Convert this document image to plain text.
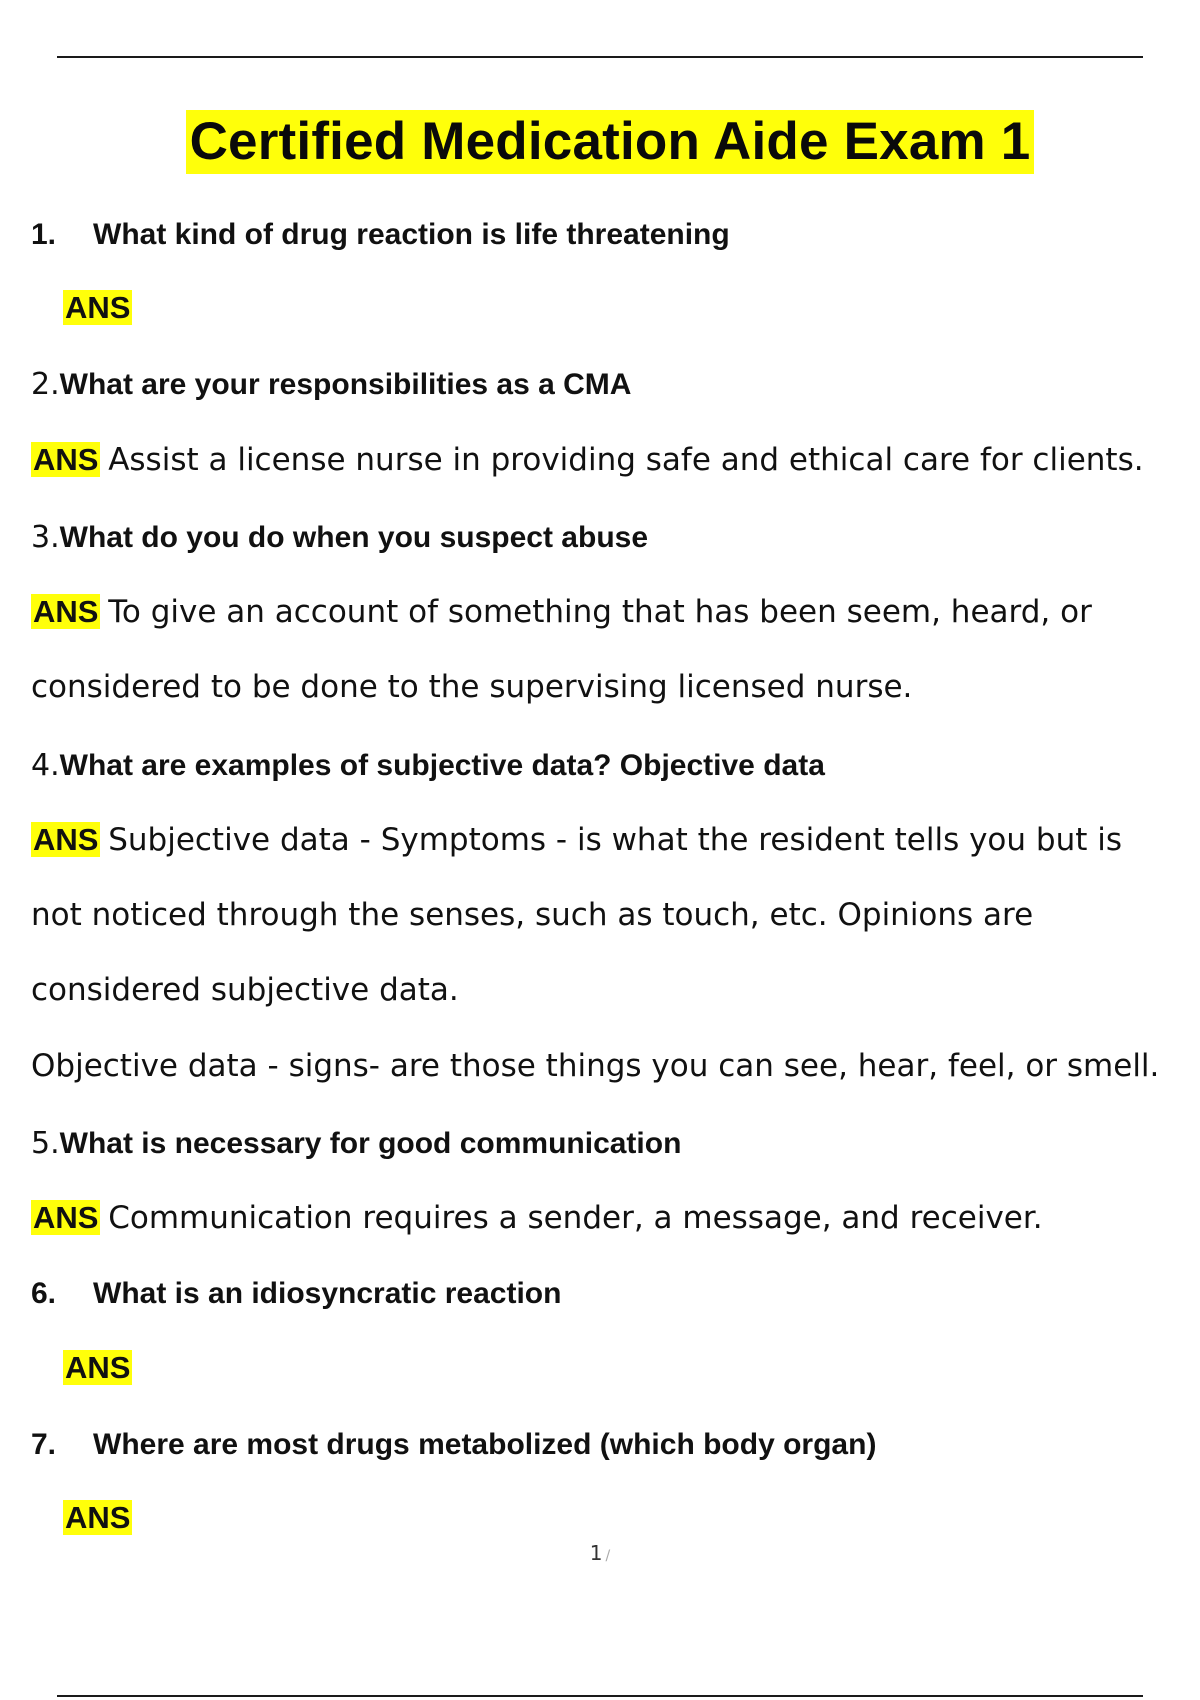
Certified Medication Aide Exam 1
1. What kind of drug reaction is life threatening
ANS
2.What are your responsibilities as a CMA
ANS Assist a license nurse in providing safe and ethical care for clients.
3.What do you do when you suspect abuse
ANS To give an account of something that has been seem, heard, or
considered to be done to the supervising licensed nurse.
4.What are examples of subjective data? Objective data
ANS Subjective data - Symptoms - is what the resident tells you but is
not noticed through the senses, such as touch, etc. Opinions are
considered subjective data.
Objective data - signs- are those things you can see, hear, feel, or smell.
5.What is necessary for good communication
ANS Communication requires a sender, a message, and receiver.
6. What is an idiosyncratic reaction
ANS
7. Where are most drugs metabolized (which body organ)
ANS
1 /
